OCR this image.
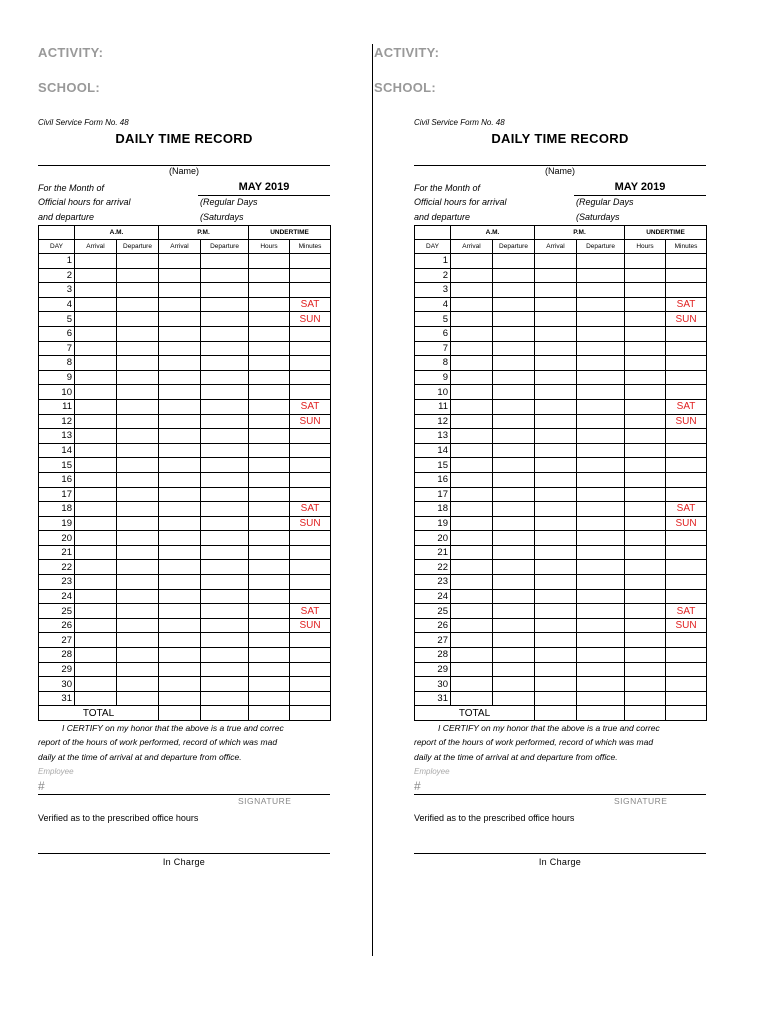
ACTIVITY:
SCHOOL:
Civil Service Form No. 48
DAILY TIME RECORD
(Name)
For the Month of	MAY 2019
Official hours for arrival	(Regular Days
and departure	(Saturdays
	A.M.		P.M.		UNDERTIME	
DAY	Arrival	Departure	Arrival	Departure	Hours	Minutes
1						
2						
3						
4						SAT
5						SUN
6						
7						
8						
9						
10						
11						SAT
12						SUN
13						
14						
15						
16						
17						
18						SAT
19						SUN
20						
21						
22						
23						
24						
25						SAT
26						SUN
27						
28						
29						
30						
31						
TOTAL						
I CERTIFY on my honor that the above is a true and correc
report of the hours of work performed, record of which was mad
daily at the time of arrival at and departure from office.
Employee
#
SIGNATURE
Verified as to the prescribed office hours
In Charge
ACTIVITY:
SCHOOL:
Civil Service Form No. 48
DAILY TIME RECORD
(Name)
For the Month of	MAY 2019
Official hours for arrival	(Regular Days
and departure	(Saturdays
	A.M.		P.M.		UNDERTIME	
DAY	Arrival	Departure	Arrival	Departure	Hours	Minutes
1						
2						
3						
4						SAT
5						SUN
6						
7						
8						
9						
10						
11						SAT
12						SUN
13						
14						
15						
16						
17						
18						SAT
19						SUN
20						
21						
22						
23						
24						
25						SAT
26						SUN
27						
28						
29						
30						
31						
TOTAL						
I CERTIFY on my honor that the above is a true and correc
report of the hours of work performed, record of which was mad
daily at the time of arrival at and departure from office.
Employee
#
SIGNATURE
Verified as to the prescribed office hours
In Charge
